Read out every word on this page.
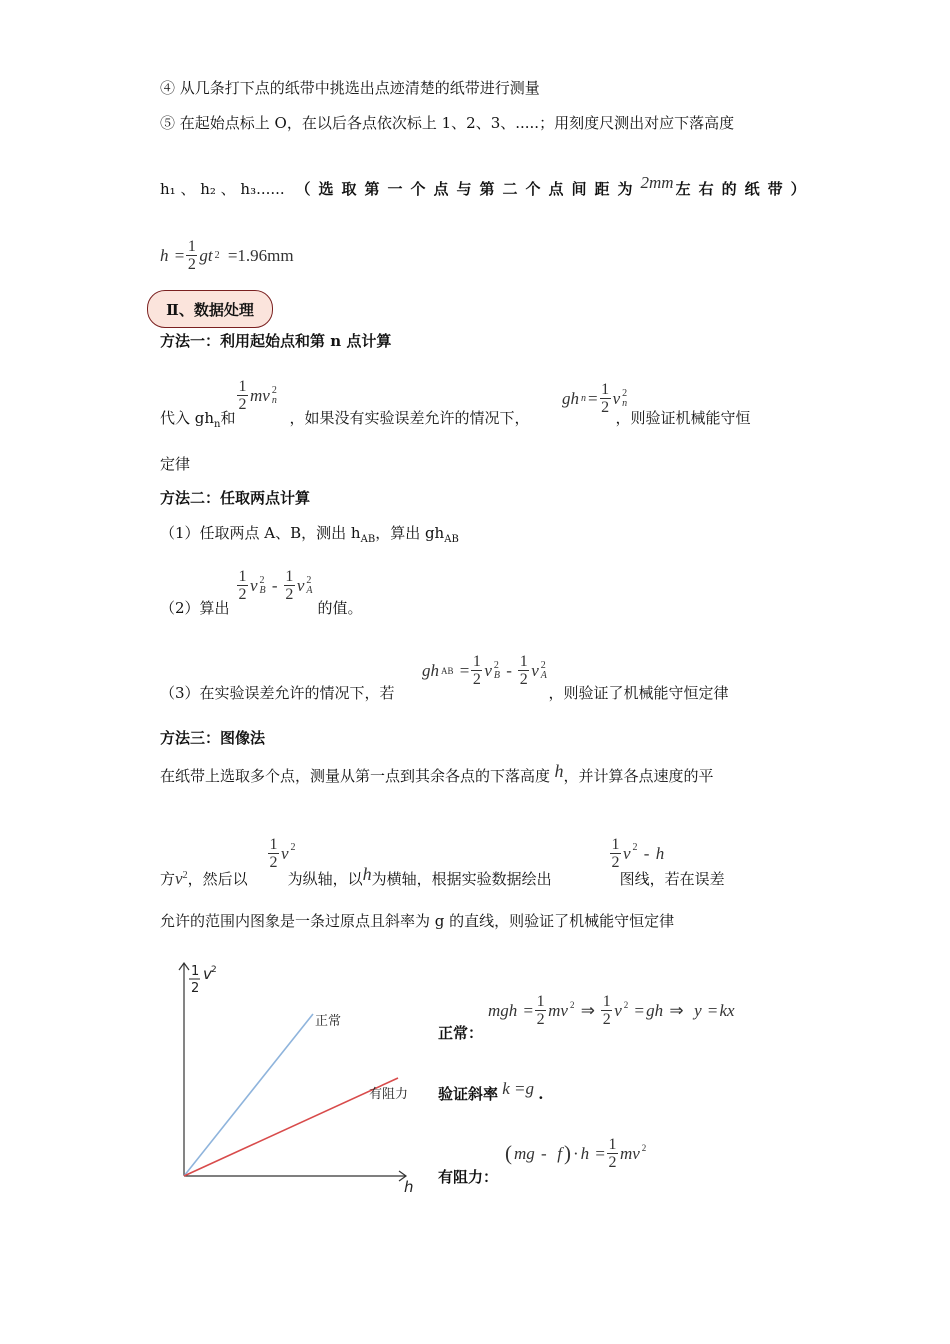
④ 从几条打下点的纸带中挑选出点迹清楚的纸带进行测量
⑤ 在起始点标上 O，在以后各点依次标上 1、2、3、.....；用刻度尺测出对应下落高度
h₁ 、 h₂ 、 h₃...... （选取第一个点与第二个点间距为2mm 左右的纸带）
$h = \frac{1}{2}$ gt 2
=1.96mm
Ⅱ、数据处理
方法一：利用起始点和第 n 点计算
$\frac{1}{2}$ mv 2
n
代入 $gh_n$和	，如果没有实验误差允许的情况下，	，则验证机械能守恒
gh $n = \frac{1}{2}$ v 2
n
定律
方法二：任取两点计算
（1）任取两点 A、B，测出 $h_{AB}$，算出 $gh_{AB}$
（2）算出	的值。
$\frac{1}{2}$ v 2
B - $\frac{1}{2}$ v 2
A
（3）在实验误差允许的情况下，若	，则验证了机械能守恒定律
gh AB = $\frac{1}{2}$ v 2
B - $\frac{1}{2}$ v 2
A
方法三：图像法
在纸带上选取多个点，测量从第一点到其余各点的下落高度 h，并计算各点速度的平
方$v^2$，然后以	为纵轴，以h为横轴，根据实验数据绘出	图线，若在误差
$\frac{1}{2} v^2$	$\frac{1}{2} v^2$ - h
允许的范围内图象是一条过原点且斜率为 g 的直线，则验证了机械能守恒定律
1
2
v 2
h
正常
有阻力
正常：
mgh = $\frac{1}{2} mv^2$ ⇒ $\frac{1}{2} v^2$ = gh ⇒ y = kx
验证斜率 k =g .
( mg - f ) · $h = \frac{1}{2} mv^2$
有阻力：
